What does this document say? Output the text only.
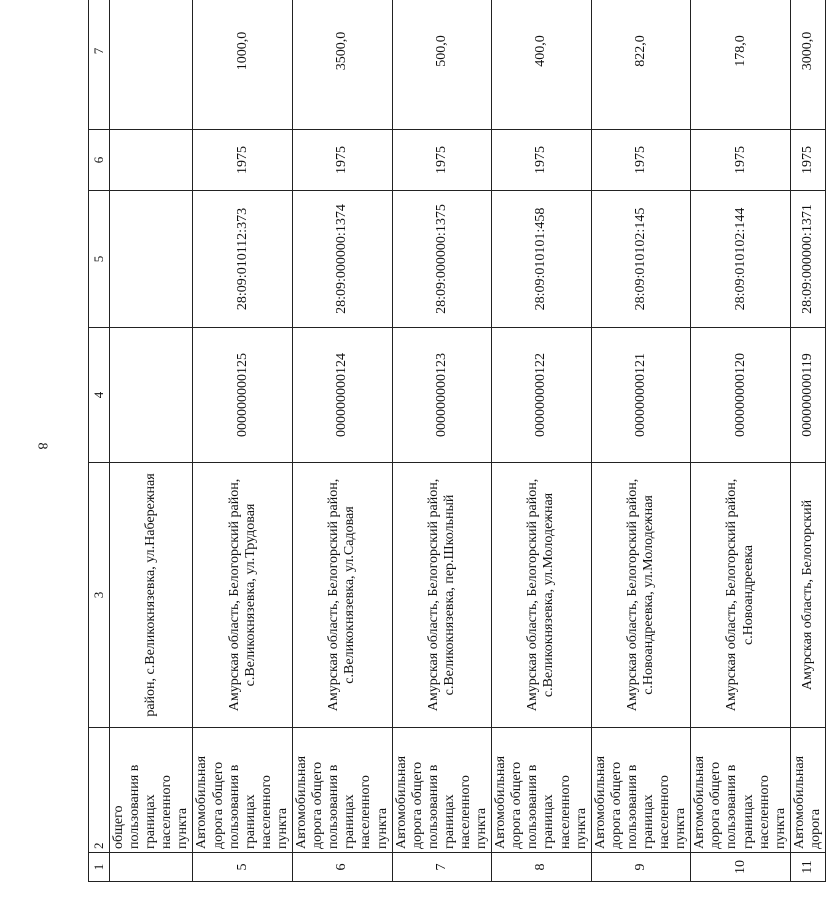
8
1	2	3	4	5	6	7
	общего пользования в границах населенного пункта	район, с.Великокнязевка, ул.Набережная				
5	Автомобильная дорога общего пользования в границах населенного пункта	Амурская область, Белогорский район, с.Великокнязевка, ул.Трудовая	000000000125	28:09:010112:373	1975	1000,0
6	Автомобильная дорога общего пользования в границах населенного пункта	Амурская область, Белогорский район, с.Великокнязевка, ул.Садовая	000000000124	28:09:000000:1374	1975	3500,0
7	Автомобильная дорога общего пользования в границах населенного пункта	Амурская область, Белогорский район, с.Великокнязевка, пер.Школьный	000000000123	28:09:000000:1375	1975	500,0
8	Автомобильная дорога общего пользования в границах населенного пункта	Амурская область, Белогорский район, с.Великокнязевка, ул.Молодежная	000000000122	28:09:010101:458	1975	400,0
9	Автомобильная дорога общего пользования в границах населенного пункта	Амурская область, Белогорский район, с.Новоандреевка, ул.Молодежная	000000000121	28:09:010102:145	1975	822,0
10	Автомобильная дорога общего пользования в границах населенного пункта	Амурская область, Белогорский район, с.Новоандреевка	000000000120	28:09:010102:144	1975	178,0
11	Автомобильная дорога	Амурская область, Белогорский	000000000119	28:09:000000:1371	1975	3000,0
